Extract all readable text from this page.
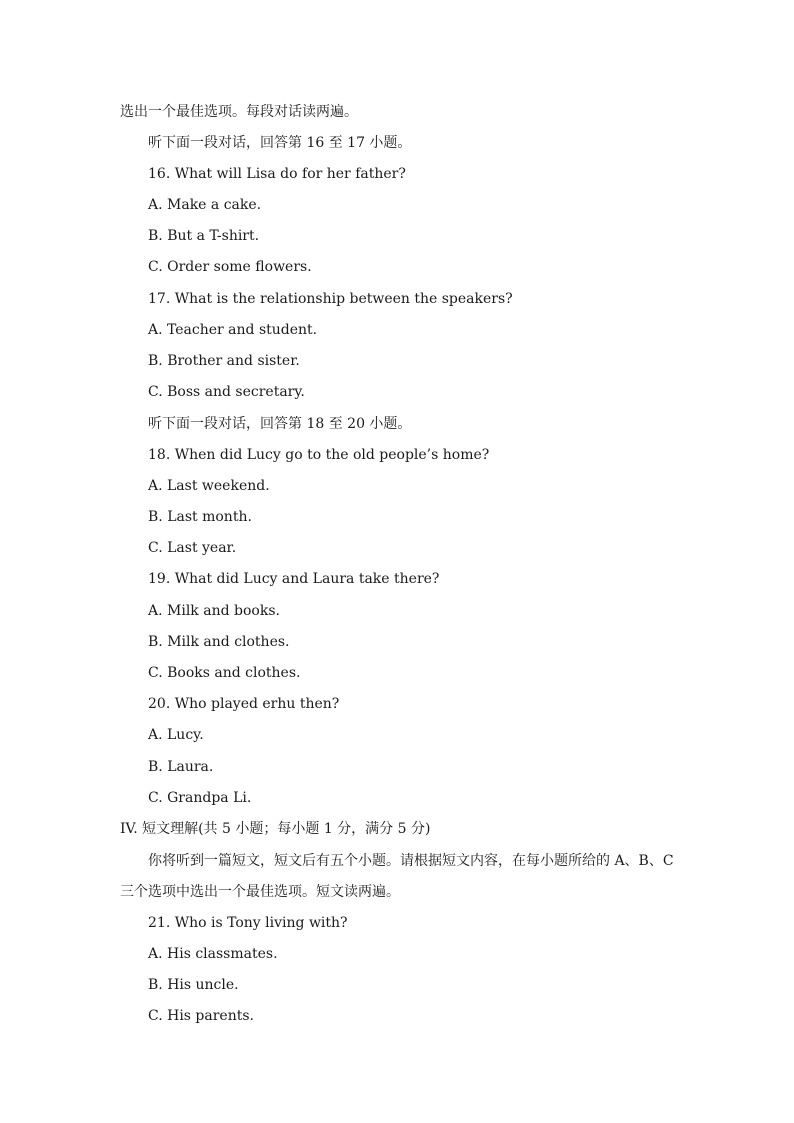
选出一个最佳选项。每段对话读两遍。
听下面一段对话，回答第 16 至 17 小题。
16. What will Lisa do for her father?
A. Make a cake.
B. But a T-shirt.
C. Order some flowers.
17. What is the relationship between the speakers?
A. Teacher and student.
B. Brother and sister.
C. Boss and secretary.
听下面一段对话，回答第 18 至 20 小题。
18. When did Lucy go to the old people’s home?
A. Last weekend.
B. Last month.
C. Last year.
19. What did Lucy and Laura take there?
A. Milk and books.
B. Milk and clothes.
C. Books and clothes.
20. Who played erhu then?
A. Lucy.
B. Laura.
C. Grandpa Li.
IV. 短文理解(共 5 小题；每小题 1 分，满分 5 分)
你将听到一篇短文，短文后有五个小题。请根据短文内容，在每小题所给的 A、B、C
三个选项中选出一个最佳选项。短文读两遍。
21. Who is Tony living with?
A. His classmates.
B. His uncle.
C. His parents.
